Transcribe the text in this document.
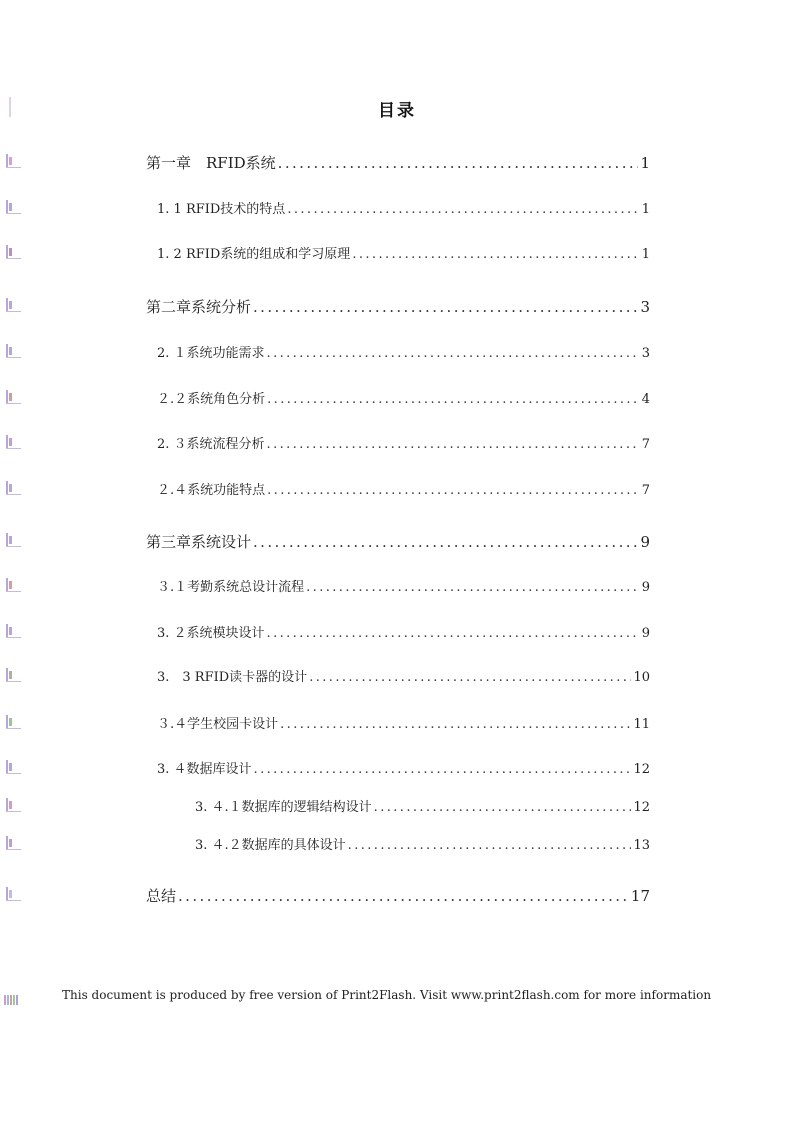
目录
第一章　RFID系统 .....	1
1. 1 RFID技术的特点 .....	1
1. 2 RFID系统的组成和学习原理 .....	1
第二章系统分析 .....	3
2. １系统功能需求 .....	3
２.２系统角色分析 .....	4
2. ３系统流程分析 .....	7
２.４系统功能特点 .....	7
第三章系统设计 .....	9
３.１考勤系统总设计流程 .....	9
3. ２系统模块设计 .....	9
3.　3 RFID读卡器的设计 .....	10
３.４学生校园卡设计 .....	11
3. ４数据库设计 .....	12
3. ４.１数据库的逻辑结构设计 .....	12
3. ４.２数据库的具体设计 .....	13
总结 .....	17
This document is produced by free version of Print2Flash. Visit www.print2flash.com for more information
